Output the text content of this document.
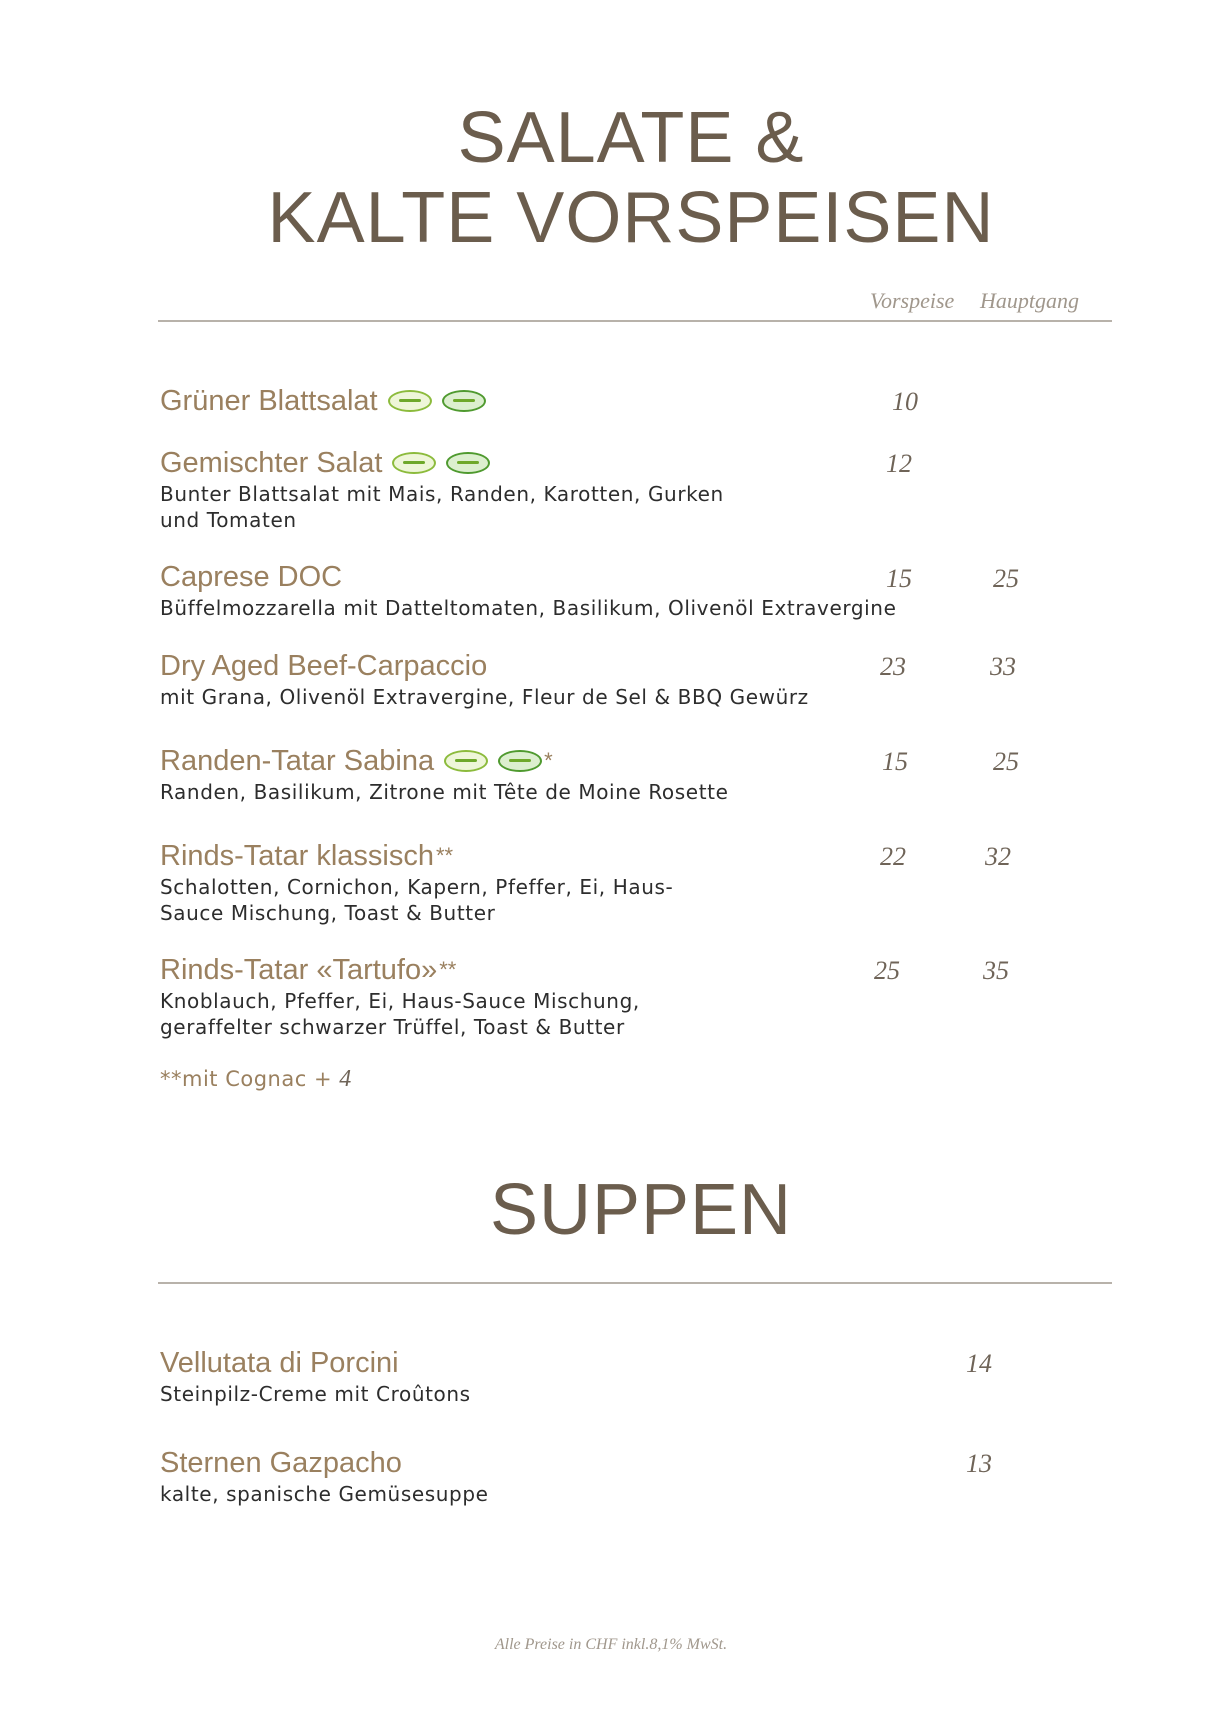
SALATE &
KALTE VORSPEISEN
Vorspeise Hauptgang
Grüner Blattsalat	10
Gemischter Salat
Bunter Blattsalat mit Mais, Randen, Karotten, Gurken
und Tomaten
12
Caprese DOC
Büffelmozzarella mit Datteltomaten, Basilikum, Olivenöl Extravergine
15	25
Dry Aged Beef-Carpaccio
mit Grana, Olivenöl Extravergine, Fleur de Sel & BBQ Gewürz
23	33
Randen-Tatar Sabina	*
Randen, Basilikum, Zitrone mit Tête de Moine Rosette
15	25
Rinds-Tatar klassisch **
Schalotten, Cornichon, Kapern, Pfeffer, Ei, Haus-
Sauce Mischung, Toast & Butter
22	32
Rinds-Tatar «Tartufo» **
Knoblauch, Pfeffer, Ei, Haus-Sauce Mischung,
geraffelter schwarzer Trüffel, Toast & Butter
25	35
**mit Cognac + 4
SUPPEN
Vellutata di Porcini
Steinpilz-Creme mit Croûtons
14
Sternen Gazpacho
kalte, spanische Gemüsesuppe
13
Alle Preise in CHF inkl.8,1% MwSt.
